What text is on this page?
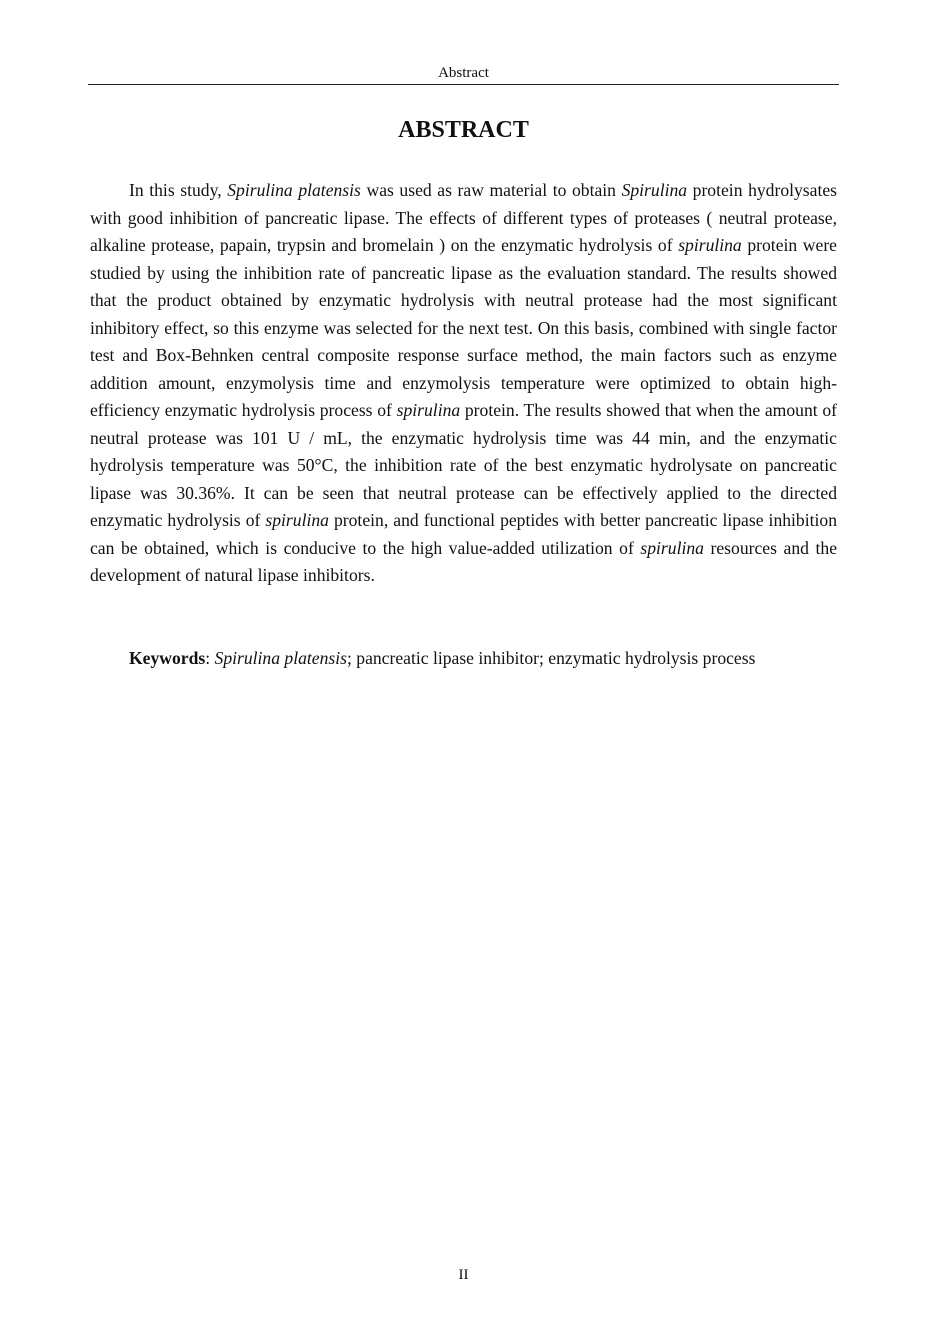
Abstract
ABSTRACT

In this study, Spirulina platensis was used as raw material to obtain Spirulina protein hydrolysates with good inhibition of pancreatic lipase. The effects of different types of proteases ( neutral protease, alkaline protease, papain, trypsin and bromelain ) on the enzymatic hydrolysis of spirulina protein were studied by using the inhibition rate of pancreatic lipase as the evaluation standard. The results showed that the product obtained by enzymatic hydrolysis with neutral protease had the most significant inhibitory effect, so this enzyme was selected for the next test. On this basis, combined with single factor test and Box-Behnken central composite response surface method, the main factors such as enzyme addition amount, enzymolysis time and enzymolysis temperature were optimized to obtain high-efficiency enzymatic hydrolysis process of spirulina protein. The results showed that when the amount of neutral protease was 101 U / mL, the enzymatic hydrolysis time was 44 min, and the enzymatic hydrolysis temperature was 50°C, the inhibition rate of the best enzymatic hydrolysate on pancreatic lipase was 30.36%. It can be seen that neutral protease can be effectively applied to the directed enzymatic hydrolysis of spirulina protein, and functional peptides with better pancreatic lipase inhibition can be obtained, which is conducive to the high value-added utilization of spirulina resources and the development of natural lipase inhibitors.

Keywords: Spirulina platensis; pancreatic lipase inhibitor; enzymatic hydrolysis process

II
